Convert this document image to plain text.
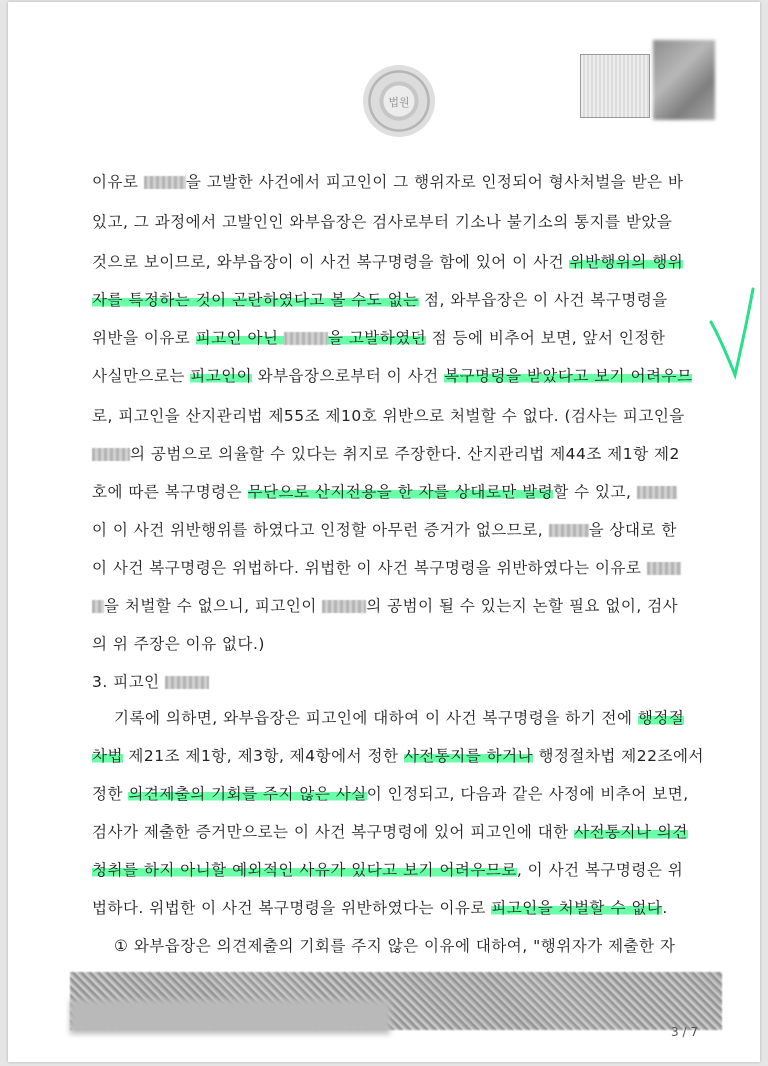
법원
이유로	을 고발한 사건에서 피고인이 그 행위자로 인정되어 형사처벌을 받은 바
있고, 그 과정에서 고발인인 와부읍장은 검사로부터 기소나 불기소의 통지를 받았을
것으로 보이므로, 와부읍장이 이 사건 복구명령을 함에 있어 이 사건 위반행위의 행위
자를 특정하는 것이 곤란하였다고 볼 수도 없는 점, 와부읍장은 이 사건 복구명령을
위반을 이유로 피고인 아닌	을 고발하였던 점 등에 비추어 보면, 앞서 인정한
사실만으로는 피고인이 와부읍장으로부터 이 사건 복구명령을 받았다고 보기 어려우므
로, 피고인을 산지관리법 제55조 제10호 위반으로 처벌할 수 없다. (검사는 피고인을
의 공범으로 의율할 수 있다는 취지로 주장한다. 산지관리법 제44조 제1항 제2
호에 따른 복구명령은 무단으로 산지전용을 한 자를 상대로만 발령할 수 있고,
이 이 사건 위반행위를 하였다고 인정할 아무런 증거가 없으므로,	을 상대로 한
이 사건 복구명령은 위법하다. 위법한 이 사건 복구명령을 위반하였다는 이유로
을 처벌할 수 없으니, 피고인이	의 공범이 될 수 있는지 논할 필요 없이, 검사
의 위 주장은 이유 없다.)
3. 피고인
기록에 의하면, 와부읍장은 피고인에 대하여 이 사건 복구명령을 하기 전에 행정절
차법 제21조 제1항, 제3항, 제4항에서 정한 사전통지를 하거나 행정절차법 제22조에서
정한 의견제출의 기회를 주지 않은 사실이 인정되고, 다음과 같은 사정에 비추어 보면,
검사가 제출한 증거만으로는 이 사건 복구명령에 있어 피고인에 대한 사전통지나 의견
청취를 하지 아니할 예외적인 사유가 있다고 보기 어려우므로, 이 사건 복구명령은 위
법하다. 위법한 이 사건 복구명령을 위반하였다는 이유로 피고인을 처벌할 수 없다.
① 와부읍장은 의견제출의 기회를 주지 않은 이유에 대하여, "행위자가 제출한 자
3 / 7
